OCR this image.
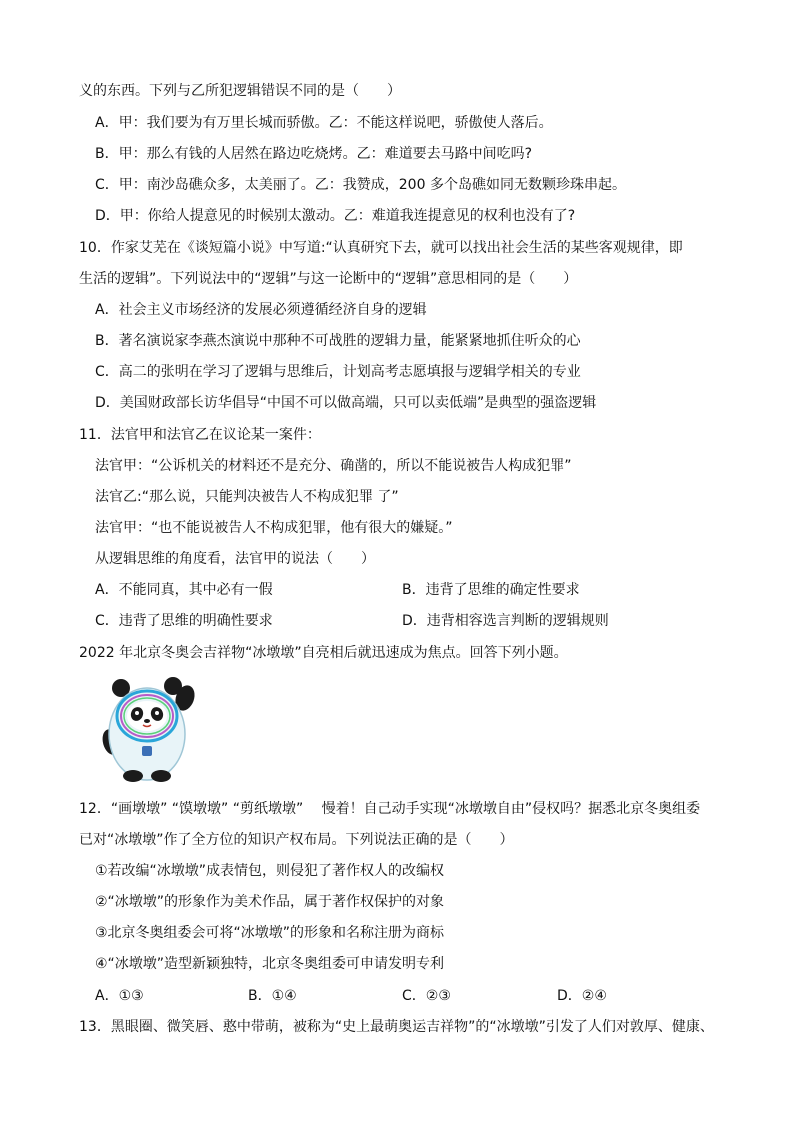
义的东西。下列与乙所犯逻辑错误不同的是（　　）
A．甲：我们要为有万里长城而骄傲。乙：不能这样说吧，骄傲使人落后。
B．甲：那么有钱的人居然在路边吃烧烤。乙：难道要去马路中间吃吗?
C．甲：南沙岛礁众多，太美丽了。乙：我赞成，200 多个岛礁如同无数颗珍珠串起。
D．甲：你给人提意见的时候别太激动。乙：难道我连提意见的权利也没有了?
10．作家艾芜在《谈短篇小说》中写道:“认真研究下去，就可以找出社会生活的某些客观规律，即
生活的逻辑”。下列说法中的“逻辑”与这一论断中的“逻辑”意思相同的是（　　）
A．社会主义市场经济的发展必须遵循经济自身的逻辑
B．著名演说家李燕杰演说中那种不可战胜的逻辑力量，能紧紧地抓住听众的心
C．高二的张明在学习了逻辑与思维后，计划高考志愿填报与逻辑学相关的专业
D．美国财政部长访华倡导“中国不可以做高端，只可以卖低端”是典型的强盗逻辑
11．法官甲和法官乙在议论某一案件：
法官甲：“公诉机关的材料还不是充分、确凿的，所以不能说被告人构成犯罪”
法官乙:“那么说，只能判决被告人不构成犯罪 了”
法官甲：“也不能说被告人不构成犯罪，他有很大的嫌疑。”
从逻辑思维的角度看，法官甲的说法（　　）
A．不能同真，其中必有一假	B．违背了思维的确定性要求
C．违背了思维的明确性要求	D．违背相容选言判断的逻辑规则
2022 年北京冬奥会吉祥物“冰墩墩”自亮相后就迅速成为焦点。回答下列小题。
12．“画墩墩” “馍墩墩” “剪纸墩墩”　 慢着！自己动手实现“冰墩墩自由”侵权吗？据悉北京冬奥组委
已对“冰墩墩”作了全方位的知识产权布局。下列说法正确的是（　　）
①若改编“冰墩墩”成表情包，则侵犯了著作权人的改编权
②“冰墩墩”的形象作为美术作品，属于著作权保护的对象
③北京冬奥组委会可将“冰墩墩”的形象和名称注册为商标
④“冰墩墩”造型新颖独特，北京冬奥组委可申请发明专利
A．①③	B．①④	C．②③	D．②④
13．黑眼圈、微笑唇、憨中带萌，被称为“史上最萌奥运吉祥物”的“冰墩墩”引发了人们对敦厚、健康、
